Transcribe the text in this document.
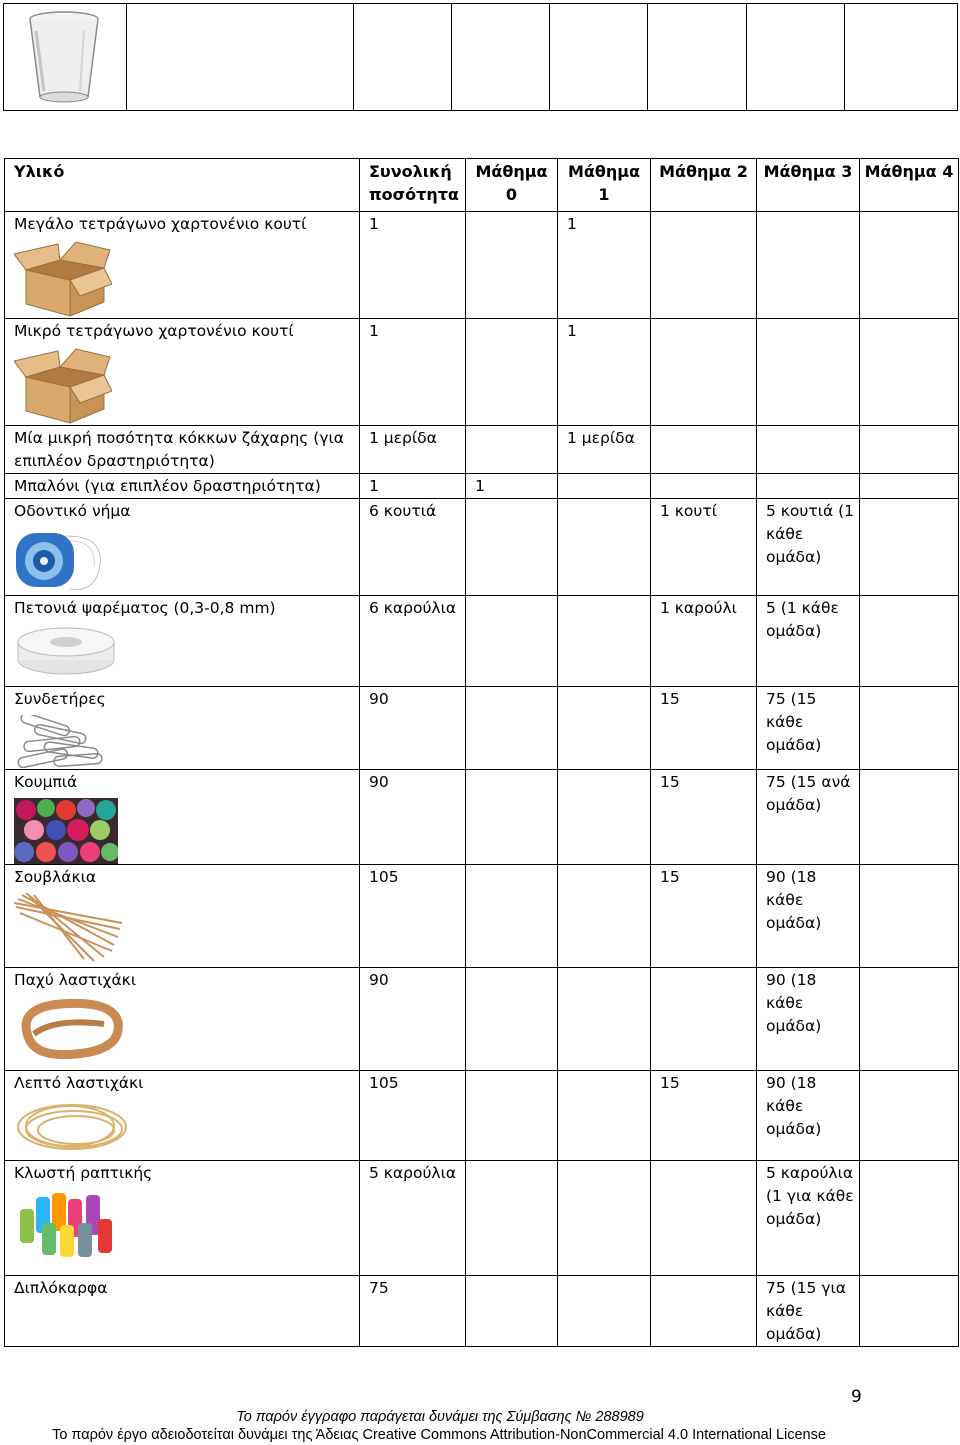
Υλικό	Συνολική ποσότητα	Μάθημα 0	Μάθημα 1	Μάθημα 2	Μάθημα 3	Μάθημα 4
Μεγάλο τετράγωνο χαρτονένιο κουτί	1		1			
Μικρό τετράγωνο χαρτονένιο κουτί	1		1			
Μία μικρή ποσότητα κόκκων ζάχαρης (για επιπλέον δραστηριότητα)	1 μερίδα		1 μερίδα			
Μπαλόνι (για επιπλέον δραστηριότητα)	1	1				
Οδοντικό νήμα	6 κουτιά			1 κουτί	5 κουτιά (1 κάθε ομάδα)	
Πετονιά ψαρέματος (0,3-0,8 mm)	6 καρούλια			1 καρούλι	5 (1 κάθε ομάδα)	
Συνδετήρες	90			15	75 (15 κάθε ομάδα)	
Κουμπιά	90			15	75 (15 ανά ομάδα)	
Σουβλάκια	105			15	90 (18 κάθε ομάδα)	
Παχύ λαστιχάκι	90				90 (18 κάθε ομάδα)	
Λεπτό λαστιχάκι	105			15	90 (18 κάθε ομάδα)	
Κλωστή ραπτικής	5 καρούλια				5 καρούλια (1 για κάθε ομάδα)	
Διπλόκαρφα	75				75 (15 για κάθε ομάδα)	
9
Το παρόν έγγραφο παράγεται δυνάμει της Σύμβασης № 288989
Το παρόν έργο αδειοδοτείται δυνάμει της Άδειας Creative Commons Attribution-NonCommercial 4.0 International License
